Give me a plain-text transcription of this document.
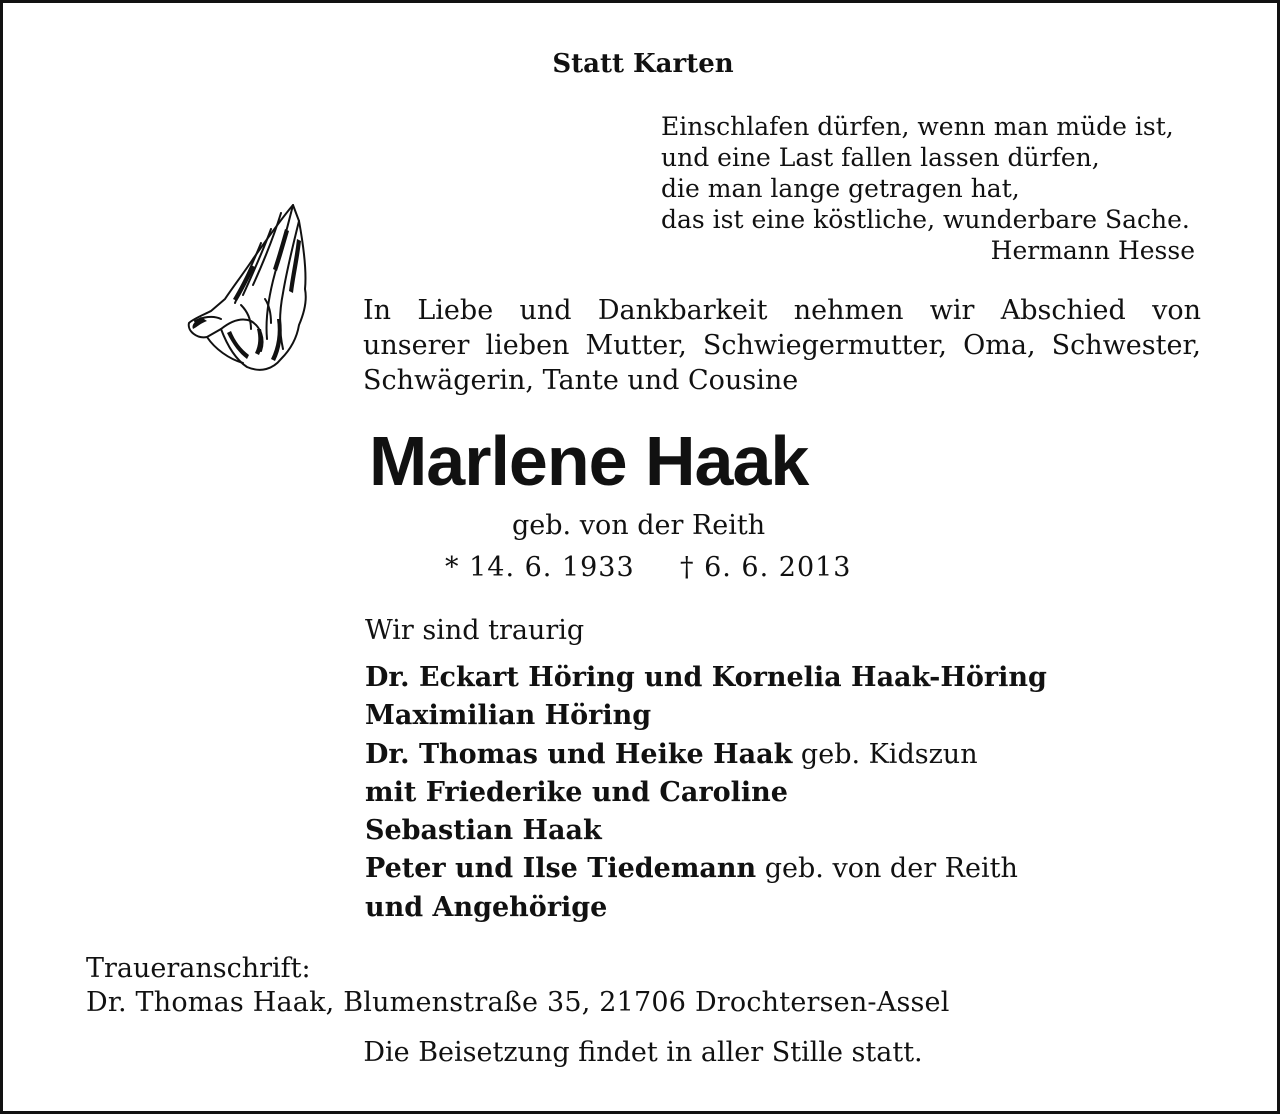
Statt Karten
Einschlafen dürfen, wenn man müde ist,
und eine Last fallen lassen dürfen,
die man lange getragen hat,
das ist eine köstliche, wunderbare Sache.
Hermann Hesse
In Liebe und Dankbarkeit nehmen wir Abschied von
unserer lieben Mutter, Schwiegermutter, Oma, Schwester,
Schwägerin, Tante und Cousine
Marlene Haak
geb. von der Reith
* 14. 6. 1933 † 6. 6. 2013
Wir sind traurig
Dr. Eckart Höring und Kornelia Haak-Höring
Maximilian Höring
Dr. Thomas und Heike Haak geb. Kidszun
mit Friederike und Caroline
Sebastian Haak
Peter und Ilse Tiedemann geb. von der Reith
und Angehörige
Traueranschrift:
Dr. Thomas Haak, Blumenstraße 35, 21706 Drochtersen-Assel
Die Beisetzung findet in aller Stille statt.
